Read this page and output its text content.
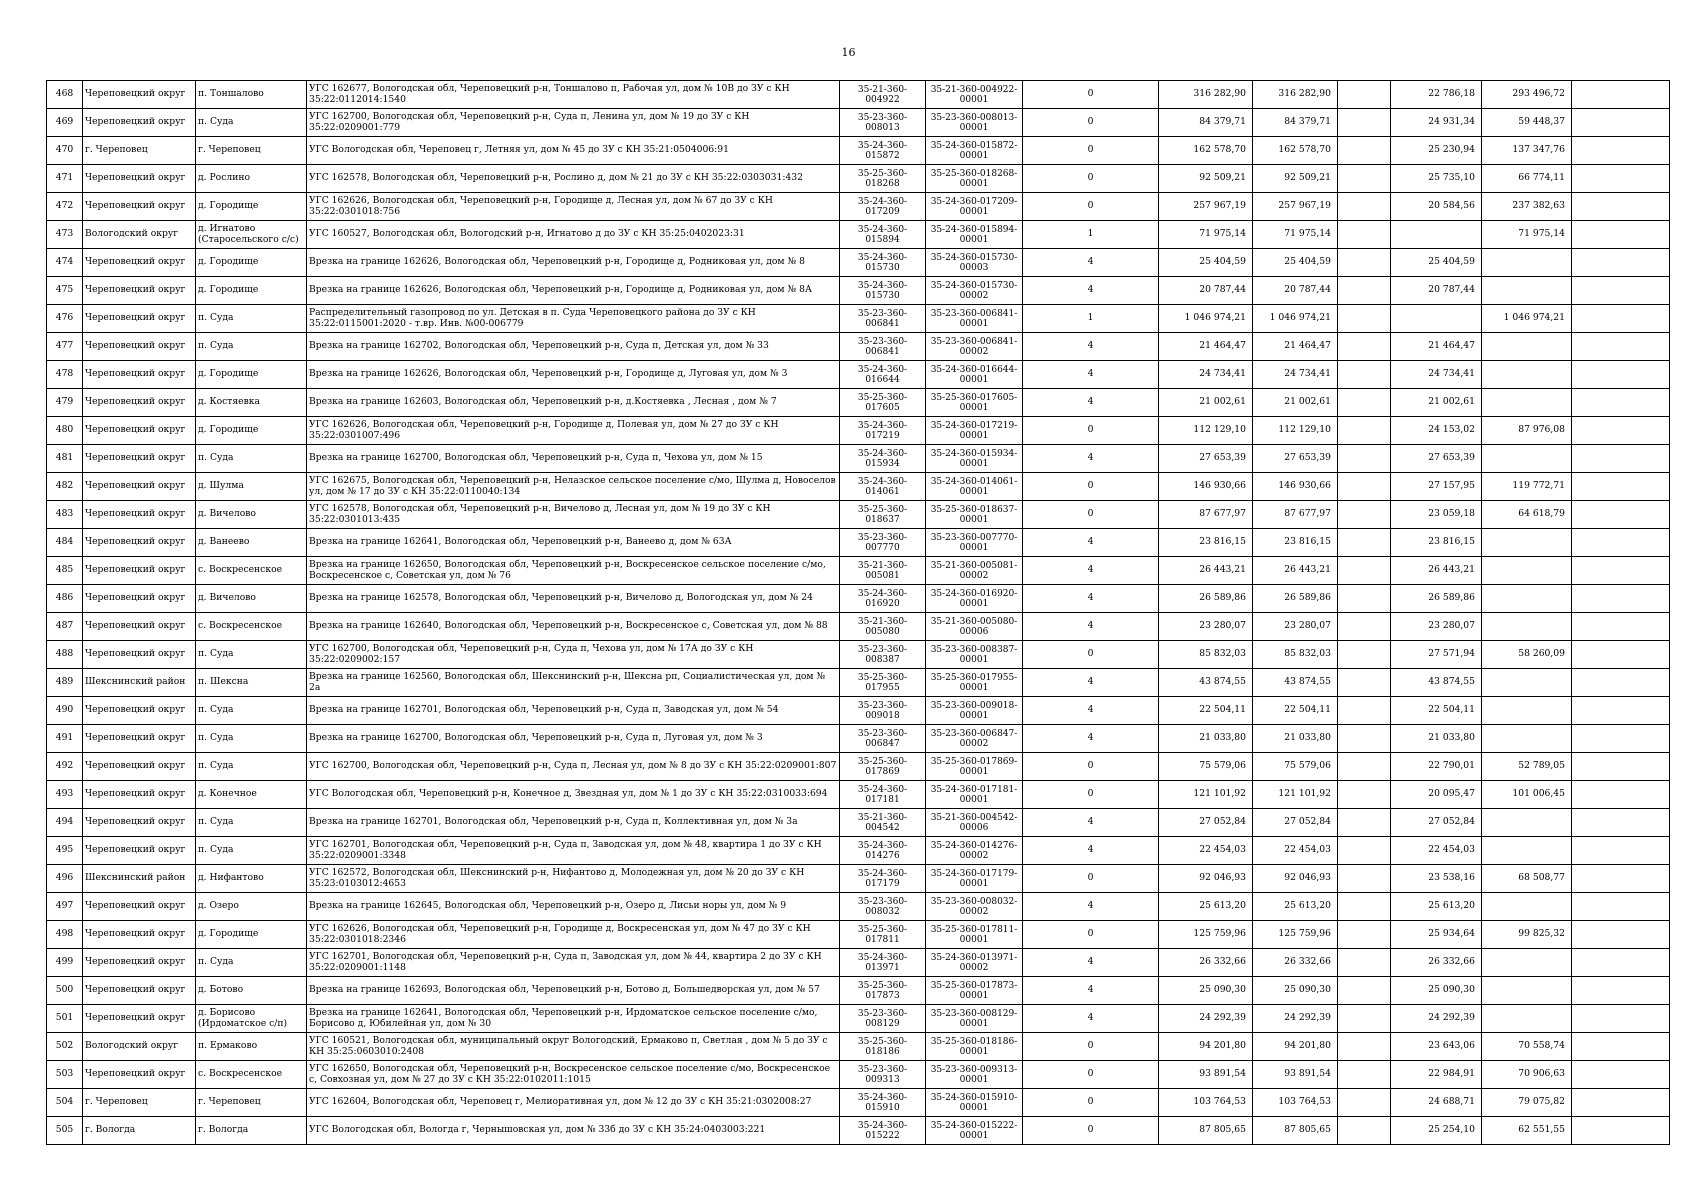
16
468	Череповецкий округ	п. Тоншалово	УГС 162677, Вологодская обл, Череповецкий р-н, Тоншалово п, Рабочая ул, дом № 10В до ЗУ с КН 35:22:0112014:1540	35-21-360-004922	35-21-360-004922-00001	0	316 282,90	316 282,90		22 786,18	293 496,72	
469	Череповецкий округ	п. Суда	УГС 162700, Вологодская обл, Череповецкий р-н, Суда п, Ленина ул, дом № 19 до ЗУ с КН 35:22:0209001:779	35-23-360-008013	35-23-360-008013-00001	0	84 379,71	84 379,71		24 931,34	59 448,37	
470	г. Череповец	г. Череповец	УГС Вологодская обл, Череповец г, Летняя ул, дом № 45 до ЗУ с КН 35:21:0504006:91	35-24-360-015872	35-24-360-015872-00001	0	162 578,70	162 578,70		25 230,94	137 347,76	
471	Череповецкий округ	д. Рослино	УГС 162578, Вологодская обл, Череповецкий р-н, Рослино д, дом № 21 до ЗУ с КН 35:22:0303031:432	35-25-360-018268	35-25-360-018268-00001	0	92 509,21	92 509,21		25 735,10	66 774,11	
472	Череповецкий округ	д. Городище	УГС 162626, Вологодская обл, Череповецкий р-н, Городище д, Лесная ул, дом № 67 до ЗУ с КН 35:22:0301018:756	35-24-360-017209	35-24-360-017209-00001	0	257 967,19	257 967,19		20 584,56	237 382,63	
473	Вологодский округ	д. Игнатово (Старосельского с/с)	УГС 160527, Вологодская обл, Вологодский р-н, Игнатово д до ЗУ с КН 35:25:0402023:31	35-24-360-015894	35-24-360-015894-00001	1	71 975,14	71 975,14			71 975,14	
474	Череповецкий округ	д. Городище	Врезка на границе 162626, Вологодская обл, Череповецкий р-н, Городище д, Родниковая ул, дом № 8	35-24-360-015730	35-24-360-015730-00003	4	25 404,59	25 404,59		25 404,59		
475	Череповецкий округ	д. Городище	Врезка на границе 162626, Вологодская обл, Череповецкий р-н, Городище д, Родниковая ул, дом № 8А	35-24-360-015730	35-24-360-015730-00002	4	20 787,44	20 787,44		20 787,44		
476	Череповецкий округ	п. Суда	Распределительный газопровод по ул. Детская в п. Суда Череповецкого района до ЗУ с КН 35:22:0115001:2020 - т.вр. Инв. №00-006779	35-23-360-006841	35-23-360-006841-00001	1	1 046 974,21	1 046 974,21			1 046 974,21	
477	Череповецкий округ	п. Суда	Врезка на границе 162702, Вологодская обл, Череповецкий р-н, Суда п, Детская ул, дом № 33	35-23-360-006841	35-23-360-006841-00002	4	21 464,47	21 464,47		21 464,47		
478	Череповецкий округ	д. Городище	Врезка на границе 162626, Вологодская обл, Череповецкий р-н, Городище д, Луговая ул, дом № 3	35-24-360-016644	35-24-360-016644-00001	4	24 734,41	24 734,41		24 734,41		
479	Череповецкий округ	д. Костяевка	Врезка на границе 162603, Вологодская обл, Череповецкий р-н, д.Костяевка , Лесная , дом № 7	35-25-360-017605	35-25-360-017605-00001	4	21 002,61	21 002,61		21 002,61		
480	Череповецкий округ	д. Городище	УГС 162626, Вологодская обл, Череповецкий р-н, Городище д, Полевая ул, дом № 27 до ЗУ с КН 35:22:0301007:496	35-24-360-017219	35-24-360-017219-00001	0	112 129,10	112 129,10		24 153,02	87 976,08	
481	Череповецкий округ	п. Суда	Врезка на границе 162700, Вологодская обл, Череповецкий р-н, Суда п, Чехова ул, дом № 15	35-24-360-015934	35-24-360-015934-00001	4	27 653,39	27 653,39		27 653,39		
482	Череповецкий округ	д. Шулма	УГС 162675, Вологодская обл, Череповецкий р-н, Нелазское сельское поселение с/мо, Шулма д, Новоселов ул, дом № 17 до ЗУ с КН 35:22:0110040:134	35-24-360-014061	35-24-360-014061-00001	0	146 930,66	146 930,66		27 157,95	119 772,71	
483	Череповецкий округ	д. Вичелово	УГС 162578, Вологодская обл, Череповецкий р-н, Вичелово д, Лесная ул, дом № 19 до ЗУ с КН 35:22:0301013:435	35-25-360-018637	35-25-360-018637-00001	0	87 677,97	87 677,97		23 059,18	64 618,79	
484	Череповецкий округ	д. Ванеево	Врезка на границе 162641, Вологодская обл, Череповецкий р-н, Ванеево д, дом № 63А	35-23-360-007770	35-23-360-007770-00001	4	23 816,15	23 816,15		23 816,15		
485	Череповецкий округ	с. Воскресенское	Врезка на границе 162650, Вологодская обл, Череповецкий р-н, Воскресенское сельское поселение с/мо, Воскресенское с, Советская ул, дом № 76	35-21-360-005081	35-21-360-005081-00002	4	26 443,21	26 443,21		26 443,21		
486	Череповецкий округ	д. Вичелово	Врезка на границе 162578, Вологодская обл, Череповецкий р-н, Вичелово д, Вологодская ул, дом № 24	35-24-360-016920	35-24-360-016920-00001	4	26 589,86	26 589,86		26 589,86		
487	Череповецкий округ	с. Воскресенское	Врезка на границе 162640, Вологодская обл, Череповецкий р-н, Воскресенское с, Советская ул, дом № 88	35-21-360-005080	35-21-360-005080-00006	4	23 280,07	23 280,07		23 280,07		
488	Череповецкий округ	п. Суда	УГС 162700, Вологодская обл, Череповецкий р-н, Суда п, Чехова ул, дом № 17А до ЗУ с КН 35:22:0209002:157	35-23-360-008387	35-23-360-008387-00001	0	85 832,03	85 832,03		27 571,94	58 260,09	
489	Шекснинский район	п. Шексна	Врезка на границе 162560, Вологодская обл, Шекснинский р-н, Шексна рп, Социалистическая ул, дом № 2а	35-25-360-017955	35-25-360-017955-00001	4	43 874,55	43 874,55		43 874,55		
490	Череповецкий округ	п. Суда	Врезка на границе 162701, Вологодская обл, Череповецкий р-н, Суда п, Заводская ул, дом № 54	35-23-360-009018	35-23-360-009018-00001	4	22 504,11	22 504,11		22 504,11		
491	Череповецкий округ	п. Суда	Врезка на границе 162700, Вологодская обл, Череповецкий р-н, Суда п, Луговая ул, дом № 3	35-23-360-006847	35-23-360-006847-00002	4	21 033,80	21 033,80		21 033,80		
492	Череповецкий округ	п. Суда	УГС 162700, Вологодская обл, Череповецкий р-н, Суда п, Лесная ул, дом № 8 до ЗУ с КН 35:22:0209001:807	35-25-360-017869	35-25-360-017869-00001	0	75 579,06	75 579,06		22 790,01	52 789,05	
493	Череповецкий округ	д. Конечное	УГС Вологодская обл, Череповецкий р-н, Конечное д, Звездная ул, дом № 1 до ЗУ с КН 35:22:0310033:694	35-24-360-017181	35-24-360-017181-00001	0	121 101,92	121 101,92		20 095,47	101 006,45	
494	Череповецкий округ	п. Суда	Врезка на границе 162701, Вологодская обл, Череповецкий р-н, Суда п, Коллективная ул, дом № 3а	35-21-360-004542	35-21-360-004542-00006	4	27 052,84	27 052,84		27 052,84		
495	Череповецкий округ	п. Суда	УГС 162701, Вологодская обл, Череповецкий р-н, Суда п, Заводская ул, дом № 48, квартира 1 до ЗУ с КН 35:22:0209001:3348	35-24-360-014276	35-24-360-014276-00002	4	22 454,03	22 454,03		22 454,03		
496	Шекснинский район	д. Нифантово	УГС 162572, Вологодская обл, Шекснинский р-н, Нифантово д, Молодежная ул, дом № 20 до ЗУ с КН 35:23:0103012:4653	35-24-360-017179	35-24-360-017179-00001	0	92 046,93	92 046,93		23 538,16	68 508,77	
497	Череповецкий округ	д. Озеро	Врезка на границе 162645, Вологодская обл, Череповецкий р-н, Озеро д, Лисьи норы ул, дом № 9	35-23-360-008032	35-23-360-008032-00002	4	25 613,20	25 613,20		25 613,20		
498	Череповецкий округ	д. Городище	УГС 162626, Вологодская обл, Череповецкий р-н, Городище д, Воскресенская ул, дом № 47 до ЗУ с КН 35:22:0301018:2346	35-25-360-017811	35-25-360-017811-00001	0	125 759,96	125 759,96		25 934,64	99 825,32	
499	Череповецкий округ	п. Суда	УГС 162701, Вологодская обл, Череповецкий р-н, Суда п, Заводская ул, дом № 44, квартира 2 до ЗУ с КН 35:22:0209001:1148	35-24-360-013971	35-24-360-013971-00002	4	26 332,66	26 332,66		26 332,66		
500	Череповецкий округ	д. Ботово	Врезка на границе 162693, Вологодская обл, Череповецкий р-н, Ботово д, Большедворская ул, дом № 57	35-25-360-017873	35-25-360-017873-00001	4	25 090,30	25 090,30		25 090,30		
501	Череповецкий округ	д. Борисово (Ирдоматское с/п)	Врезка на границе 162641, Вологодская обл, Череповецкий р-н, Ирдоматское сельское поселение с/мо, Борисово д, Юбилейная ул, дом № 30	35-23-360-008129	35-23-360-008129-00001	4	24 292,39	24 292,39		24 292,39		
502	Вологодский округ	п. Ермаково	УГС 160521, Вологодская обл, муниципальный округ Вологодский, Ермаково п, Светлая , дом № 5 до ЗУ с КН 35:25:0603010:2408	35-25-360-018186	35-25-360-018186-00001	0	94 201,80	94 201,80		23 643,06	70 558,74	
503	Череповецкий округ	с. Воскресенское	УГС 162650, Вологодская обл, Череповецкий р-н, Воскресенское сельское поселение с/мо, Воскресенское с, Совхозная ул, дом № 27 до ЗУ с КН 35:22:0102011:1015	35-23-360-009313	35-23-360-009313-00001	0	93 891,54	93 891,54		22 984,91	70 906,63	
504	г. Череповец	г. Череповец	УГС 162604, Вологодская обл, Череповец г, Мелиоративная ул, дом № 12 до ЗУ с КН 35:21:0302008:27	35-24-360-015910	35-24-360-015910-00001	0	103 764,53	103 764,53		24 688,71	79 075,82	
505	г. Вологда	г. Вологда	УГС Вологодская обл, Вологда г, Чернышовская ул, дом № 33б до ЗУ с КН 35:24:0403003:221	35-24-360-015222	35-24-360-015222-00001	0	87 805,65	87 805,65		25 254,10	62 551,55	
